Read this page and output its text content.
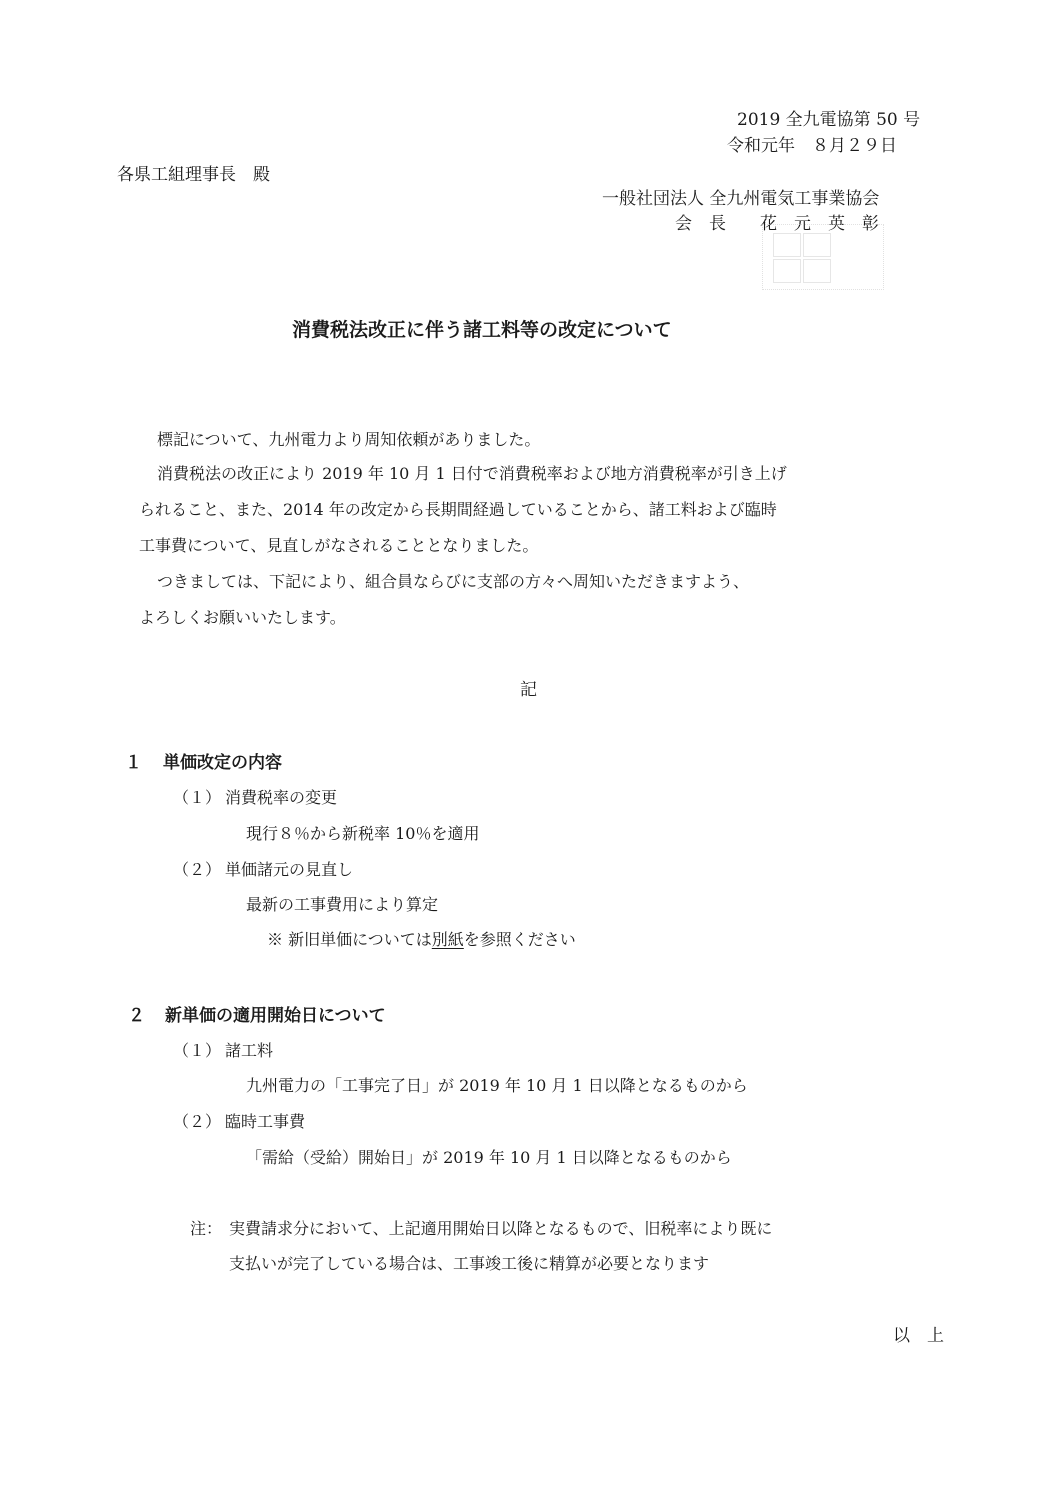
2019 全九電協第 50 号
令和元年　８月２９日
各県工組理事長　殿
一般社団法人 全九州電気工事業協会
会　長　　花　元　英　彰
消費税法改正に伴う諸工料等の改定について
標記について、九州電力より周知依頼がありました。
消費税法の改正により 2019 年 10 月 1 日付で消費税率および地方消費税率が引き上げ
られること、また、2014 年の改定から長期間経過していることから、諸工料および臨時
工事費について、見直しがなされることとなりました。
つきましては、下記により、組合員ならびに支部の方々へ周知いただきますよう、
よろしくお願いいたします。
記
１ 単価改定の内容
（１） 消費税率の変更
現行８％から新税率 10％を適用
（２） 単価諸元の見直し
最新の工事費用により算定
※ 新旧単価については別紙を参照ください
２ 新単価の適用開始日について
（１） 諸工料
九州電力の「工事完了日」が 2019 年 10 月 1 日以降となるものから
（２） 臨時工事費
「需給（受給）開始日」が 2019 年 10 月 1 日以降となるものから
注： 実費請求分において、上記適用開始日以降となるもので、旧税率により既に
支払いが完了している場合は、工事竣工後に精算が必要となります
以　上
